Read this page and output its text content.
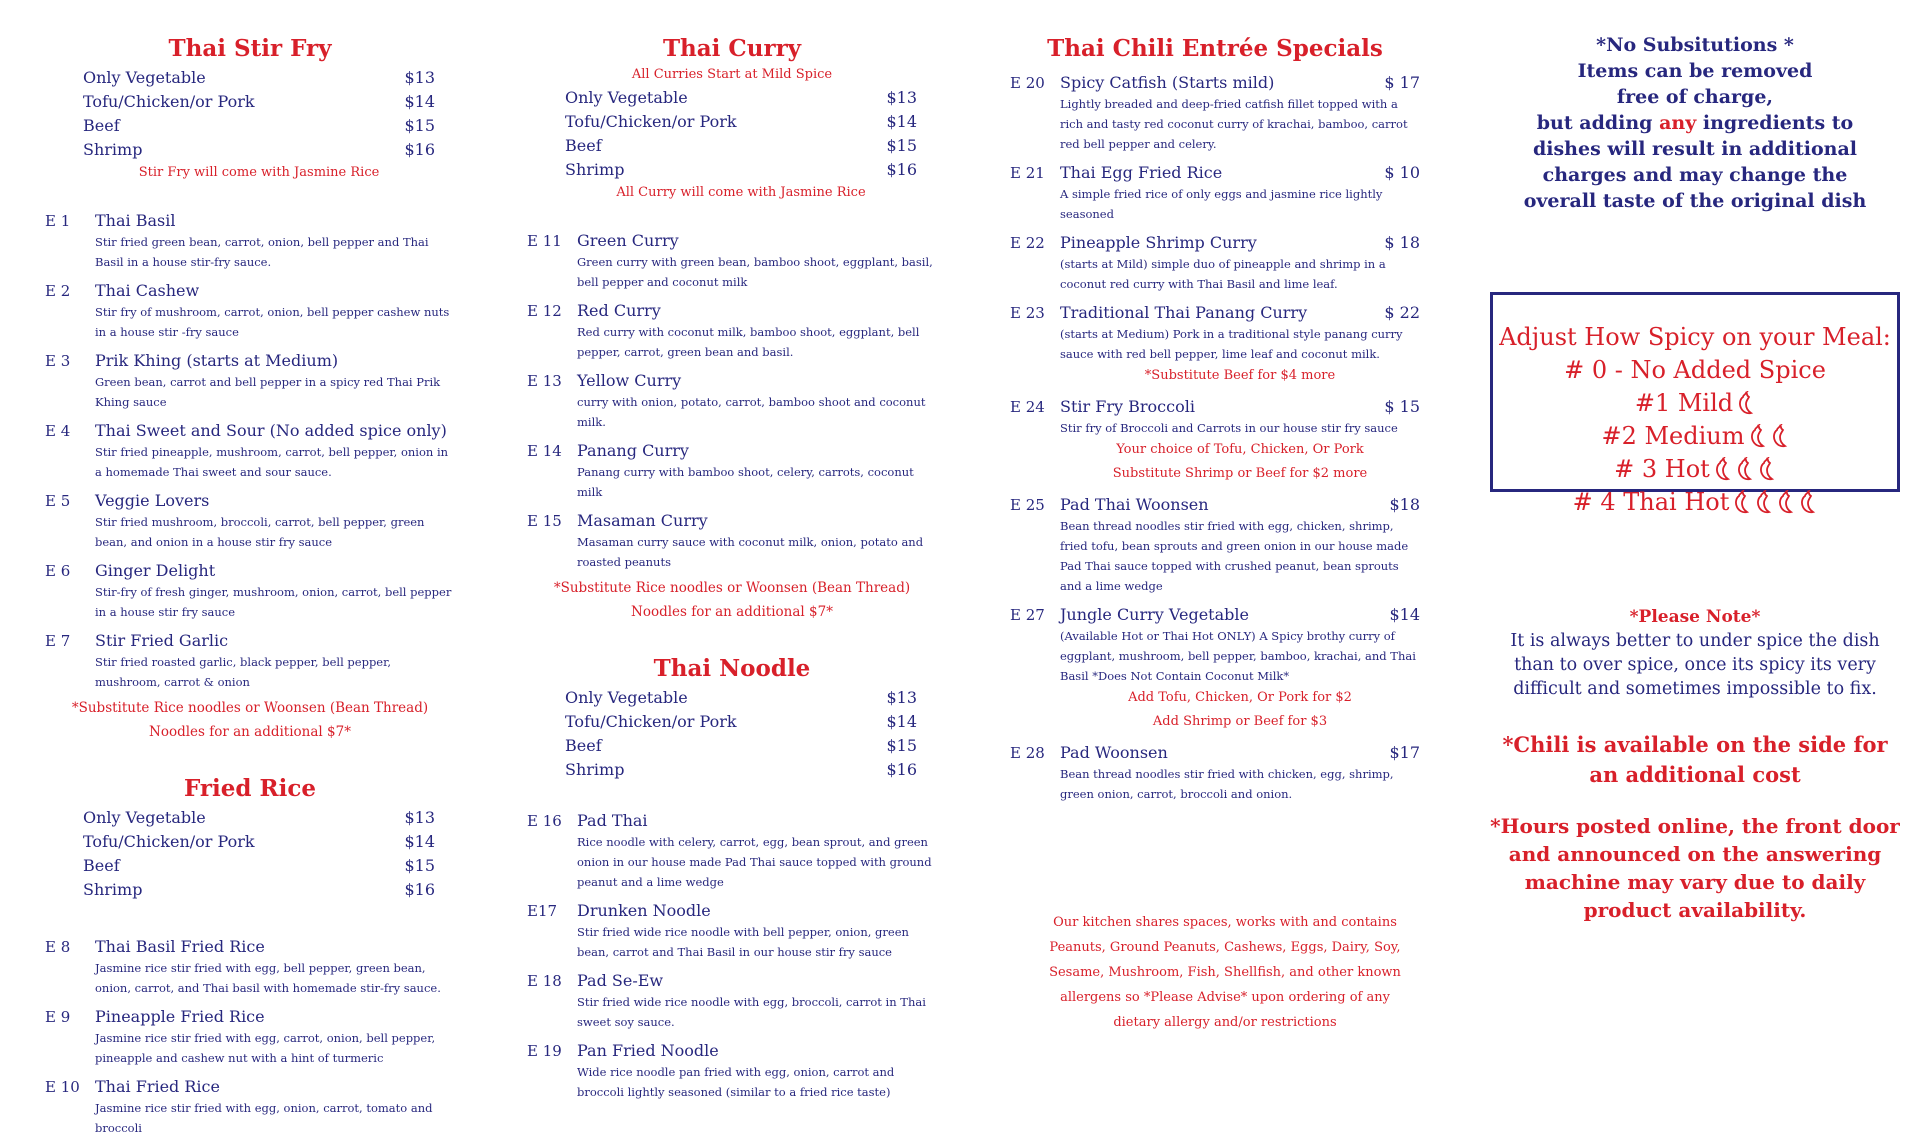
Thai Stir Fry
Only Vegetable	$13
Tofu/Chicken/or Pork	$14
Beef	$15
Shrimp	$16
Stir Fry will come with Jasmine Rice
E 1	Thai Basil
Stir fried green bean, carrot, onion, bell pepper and Thai Basil in a house stir-fry sauce.
E 2	Thai Cashew
Stir fry of mushroom, carrot, onion, bell pepper cashew nuts in a house stir -fry sauce
E 3	Prik Khing (starts at Medium)
Green bean, carrot and bell pepper in a spicy red Thai Prik Khing sauce
E 4	Thai Sweet and Sour (No added spice only)
Stir fried pineapple, mushroom, carrot, bell pepper, onion in a homemade Thai sweet and sour sauce.
E 5	Veggie Lovers
Stir fried mushroom, broccoli, carrot, bell pepper, green bean, and onion in a house stir fry sauce
E 6	Ginger Delight
Stir-fry of fresh ginger, mushroom, onion, carrot, bell pepper in a house stir fry sauce
E 7	Stir Fried Garlic
Stir fried roasted garlic, black pepper, bell pepper, mushroom, carrot & onion
*Substitute Rice noodles or Woonsen (Bean Thread) Noodles for an additional $7*
Fried Rice
Only Vegetable	$13
Tofu/Chicken/or Pork	$14
Beef	$15
Shrimp	$16
E 8	Thai Basil Fried Rice
Jasmine rice stir fried with egg, bell pepper, green bean, onion, carrot, and Thai basil with homemade stir-fry sauce.
E 9	Pineapple Fried Rice
Jasmine rice stir fried with egg, carrot, onion, bell pepper, pineapple and cashew nut with a hint of turmeric
E 10 Thai Fried Rice
Jasmine rice stir fried with egg, onion, carrot, tomato and broccoli
Thai Curry
All Curries Start at Mild Spice
Only Vegetable	$13
Tofu/Chicken/or Pork	$14
Beef	$15
Shrimp	$16
All Curry will come with Jasmine Rice
E 11 Green Curry
Green curry with green bean, bamboo shoot, eggplant, basil, bell pepper and coconut milk
E 12 Red Curry
Red curry with coconut milk, bamboo shoot, eggplant, bell pepper, carrot, green bean and basil.
E 13 Yellow Curry
curry with onion, potato, carrot, bamboo shoot and coconut milk.
E 14 Panang Curry
Panang curry with bamboo shoot, celery, carrots, coconut milk
E 15 Masaman Curry
Masaman curry sauce with coconut milk, onion, potato and roasted peanuts
*Substitute Rice noodles or Woonsen (Bean Thread) Noodles for an additional $7*
Thai Noodle
Only Vegetable	$13
Tofu/Chicken/or Pork	$14
Beef	$15
Shrimp	$16
E 16 Pad Thai
Rice noodle with celery, carrot, egg, bean sprout, and green onion in our house made Pad Thai sauce topped with ground peanut and a lime wedge
E17	Drunken Noodle
Stir fried wide rice noodle with bell pepper, onion, green bean, carrot and Thai Basil in our house stir fry sauce
E 18 Pad Se-Ew
Stir fried wide rice noodle with egg, broccoli, carrot in Thai sweet soy sauce.
E 19 Pan Fried Noodle
Wide rice noodle pan fried with egg, onion, carrot and broccoli lightly seasoned (similar to a fried rice taste)
Thai Chili Entrée Specials
E 20 Spicy Catfish (Starts mild)	$ 17
Lightly breaded and deep-fried catfish fillet topped with a rich and tasty red coconut curry of krachai, bamboo, carrot red bell pepper and celery.
E 21 Thai Egg Fried Rice	$ 10
A simple fried rice of only eggs and jasmine rice lightly seasoned
E 22 Pineapple Shrimp Curry	$ 18
(starts at Mild) simple duo of pineapple and shrimp in a coconut red curry with Thai Basil and lime leaf.
E 23 Traditional Thai Panang Curry	$ 22
(starts at Medium) Pork in a traditional style panang curry sauce with red bell pepper, lime leaf and coconut milk.
*Substitute Beef for $4 more
E 24 Stir Fry Broccoli	$ 15
Stir fry of Broccoli and Carrots in our house stir fry sauce
Your choice of Tofu, Chicken, Or Pork
Substitute Shrimp or Beef for $2 more
E 25 Pad Thai Woonsen	$18
Bean thread noodles stir fried with egg, chicken, shrimp, fried tofu, bean sprouts and green onion in our house made Pad Thai sauce topped with crushed peanut, bean sprouts and a lime wedge
E 27 Jungle Curry Vegetable	$14
(Available Hot or Thai Hot ONLY) A Spicy brothy curry of eggplant, mushroom, bell pepper, bamboo, krachai, and Thai Basil *Does Not Contain Coconut Milk*
Add Tofu, Chicken, Or Pork for $2
Add Shrimp or Beef for $3
E 28 Pad Woonsen	$17
Bean thread noodles stir fried with chicken, egg, shrimp, green onion, carrot, broccoli and onion.
Our kitchen shares spaces, works with and contains Peanuts, Ground Peanuts, Cashews, Eggs, Dairy, Soy, Sesame, Mushroom, Fish, Shellfish, and other known allergens so *Please Advise* upon ordering of any dietary allergy and/or restrictions
*No Subsitutions *
Items can be removed
free of charge,
but adding any ingredients to
dishes will result in additional
charges and may change the
overall taste of the original dish
Adjust How Spicy on your Meal:
# 0 - No Added Spice
#1 Mild
#2 Medium
# 3 Hot
# 4 Thai Hot
*Please Note*
It is always better to under spice the dish than to over spice, once its spicy its very difficult and sometimes impossible to fix.
*Chili is available on the side for an additional cost
*Hours posted online, the front door and announced on the answering machine may vary due to daily product availability.
